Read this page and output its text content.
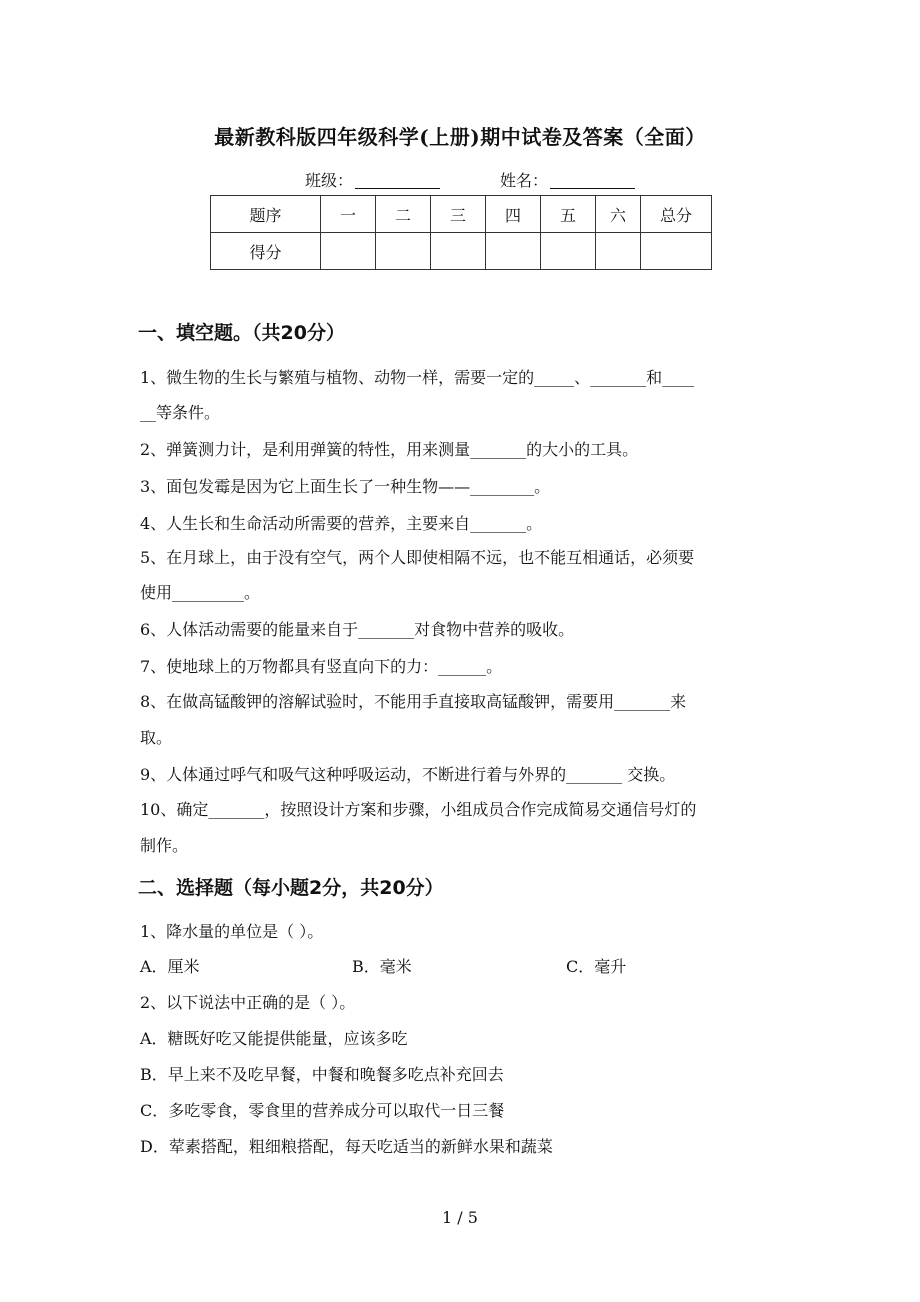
最新教科版四年级科学(上册)期中试卷及答案（全面）
班级：	姓名：
题序	一	二	三	四	五	六	总分
得分							
一、填空题。（共20分）
1、微生物的生长与繁殖与植物、动物一样，需要一定的_____、_______和____
__等条件。
2、弹簧测力计，是利用弹簧的特性，用来测量_______的大小的工具。
3、面包发霉是因为它上面生长了一种生物——________。
4、人生长和生命活动所需要的营养，主要来自_______。
5、在月球上，由于没有空气，两个人即使相隔不远，也不能互相通话，必须要
使用_________。
6、人体活动需要的能量来自于_______对食物中营养的吸收。
7、使地球上的万物都具有竖直向下的力：______。
8、在做高锰酸钾的溶解试验时，不能用手直接取高锰酸钾，需要用_______来
取。
9、人体通过呼气和吸气这种呼吸运动，不断进行着与外界的_______ 交换。
10、确定_______，按照设计方案和步骤，小组成员合作完成简易交通信号灯的
制作。
二、选择题（每小题2分，共20分）
1、降水量的单位是（ ）。
A．厘米	B．毫米	C．毫升
2、以下说法中正确的是（ ）。
A．糖既好吃又能提供能量，应该多吃
B．早上来不及吃早餐，中餐和晚餐多吃点补充回去
C．多吃零食，零食里的营养成分可以取代一日三餐
D．荤素搭配，粗细粮搭配，每天吃适当的新鲜水果和蔬菜
1 / 5
